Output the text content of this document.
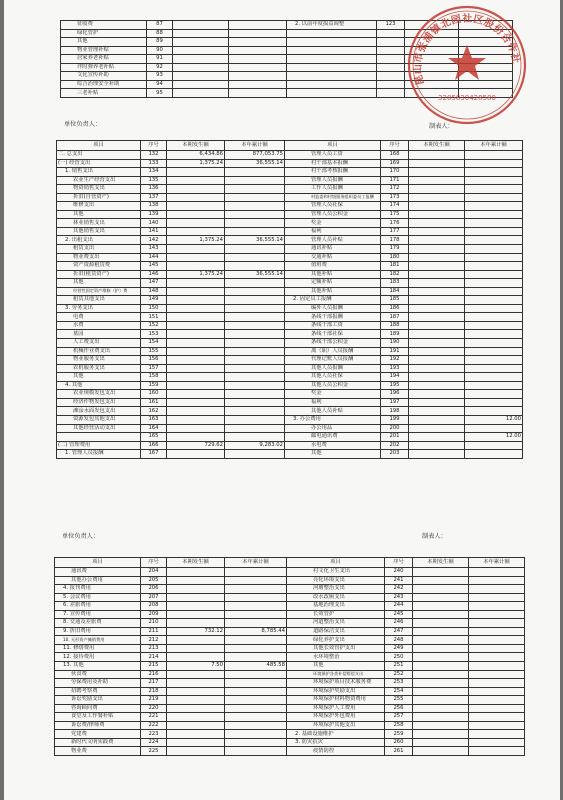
征收费	87			2. 以前年度损益调整	123		
绿化管护	88						
其他	89						
物业管理补贴	90						
居家养老补贴	91						
伴时弹养老补贴	92						
文化宣传补助	93						
综合治理安全补助	94						
三老补贴	95						
单位负责人：	制表人：
项目	序号	本期发生额	本年累计额	项目	序号	本期发生额	本年累计额
二. 总支出	132	6,434.86	877,053.75	管理人员工资	168		
(一) 经营支出	133	1,375.24	36,555.14	村干部基本报酬	169		
1. 销售支出	134			村干部考核报酬	170		
农业生产经营支出	135			管理人员报酬	171		
物资销售支出	136			工作人员报酬	172		
折旧(自营资产)	137			村监委和村级服务组织委员工报酬	173		
维修支出	138			管理人员社保	174		
其他	139			管理人员公积金	175		
林业销售支出	140			奖金	176		
其他销售支出	141			福利	177		
2. 出租支出	142	1,375.24	36,555.14	管理人员补贴	178		
租赁支出	143			通讯补贴	179		
物业费支出	144			交通补贴	180		
资产资源租赁费	145			值班费	181		
折旧(租赁资产)	146	1,375.24	36,555.14	其他补贴	182		
其他	147			定额补贴	183		
经营性固定资产维修（护）费	148			其他补贴	184		
租赁其他支出	149			2. 固定员工报酬	185		
3. 劳务支出	150			编外人员报酬	186		
电费	151			条线干部报酬	187		
水费	152			条线干部工资	188		
墓园	153			条线干部社保	189		
人工费支出	154			条线干部公积金	190		
机械作业费支出	155			离（职）人员报酬	191		
物业服务支出	156			代理记账人员报酬	192		
农机服务支出	157			其他人员报酬	193		
其他	158			其他人员社保	194		
4. 其他	159			其他人员公积金	195		
农业规模发包支出	160			奖金	196		
经济作物发包支出	161			福利	197		
滩涂水面发包支出	162			其他人员补贴	198		
资源发包其他支出	163			3. 办公费用	199		12.00
其他经营活动支出	164			办公用品	200		
	165			邮电通讯费	201		12.00
(二) 管理费用	166	729.62	9,283.02	水电费	202		
1. 管理人员报酬	167			其他	203		
单位负责人：	制表人：
项目	序号	本期发生额	本年累计额	项目	序号	本期发生额	本年累计额
通讯费	204			村文化卫生支出	240		
其他办公费用	205			亮化环境支出	241		
4. 报刊费用	206			河塘整治支出	242		
5. 会议费用	207			改水改厕支出	243		
6. 差旅费用	208			基地治理支出	244		
7. 宣传费用	209			长效管护	245		
8. 交通及差旅费	210			河道整治支出	246		
9. 折旧费用	211	732.12	8,785.44	道路保洁支出	247		
10. 无形资产摊销费用	212			绿化养护支出	248		
11. 修缮费用	213			其他长效管护支出	249		
12. 接待费用	214			水环境整治	250		
13. 其他	215	7.50	485.58	其他	251		
伙食费	216			环境保护各类补偿赔偿支出	252		
劳保费用及补助	217			环境保护项目技术服务费	253		
招聘考察费	218			环境保护奖励支出	254		
诉讼奖励支出	219			环境保护材料物资费用	255		
咨询顾问费	220			环境保护人工费用	256		
食堂及工作餐补贴	221			环境保护外包费用	257		
诉讼费/律师费	222			环境保护其他支出	258		
党建费	223			2. 基础设施维护	259		
新时代文明实践费	224			3. 防灾抗灾	260		
物业费	225			疫情防控	261		
昆山市张浦镇北园社区股份合作社
3205830428580
